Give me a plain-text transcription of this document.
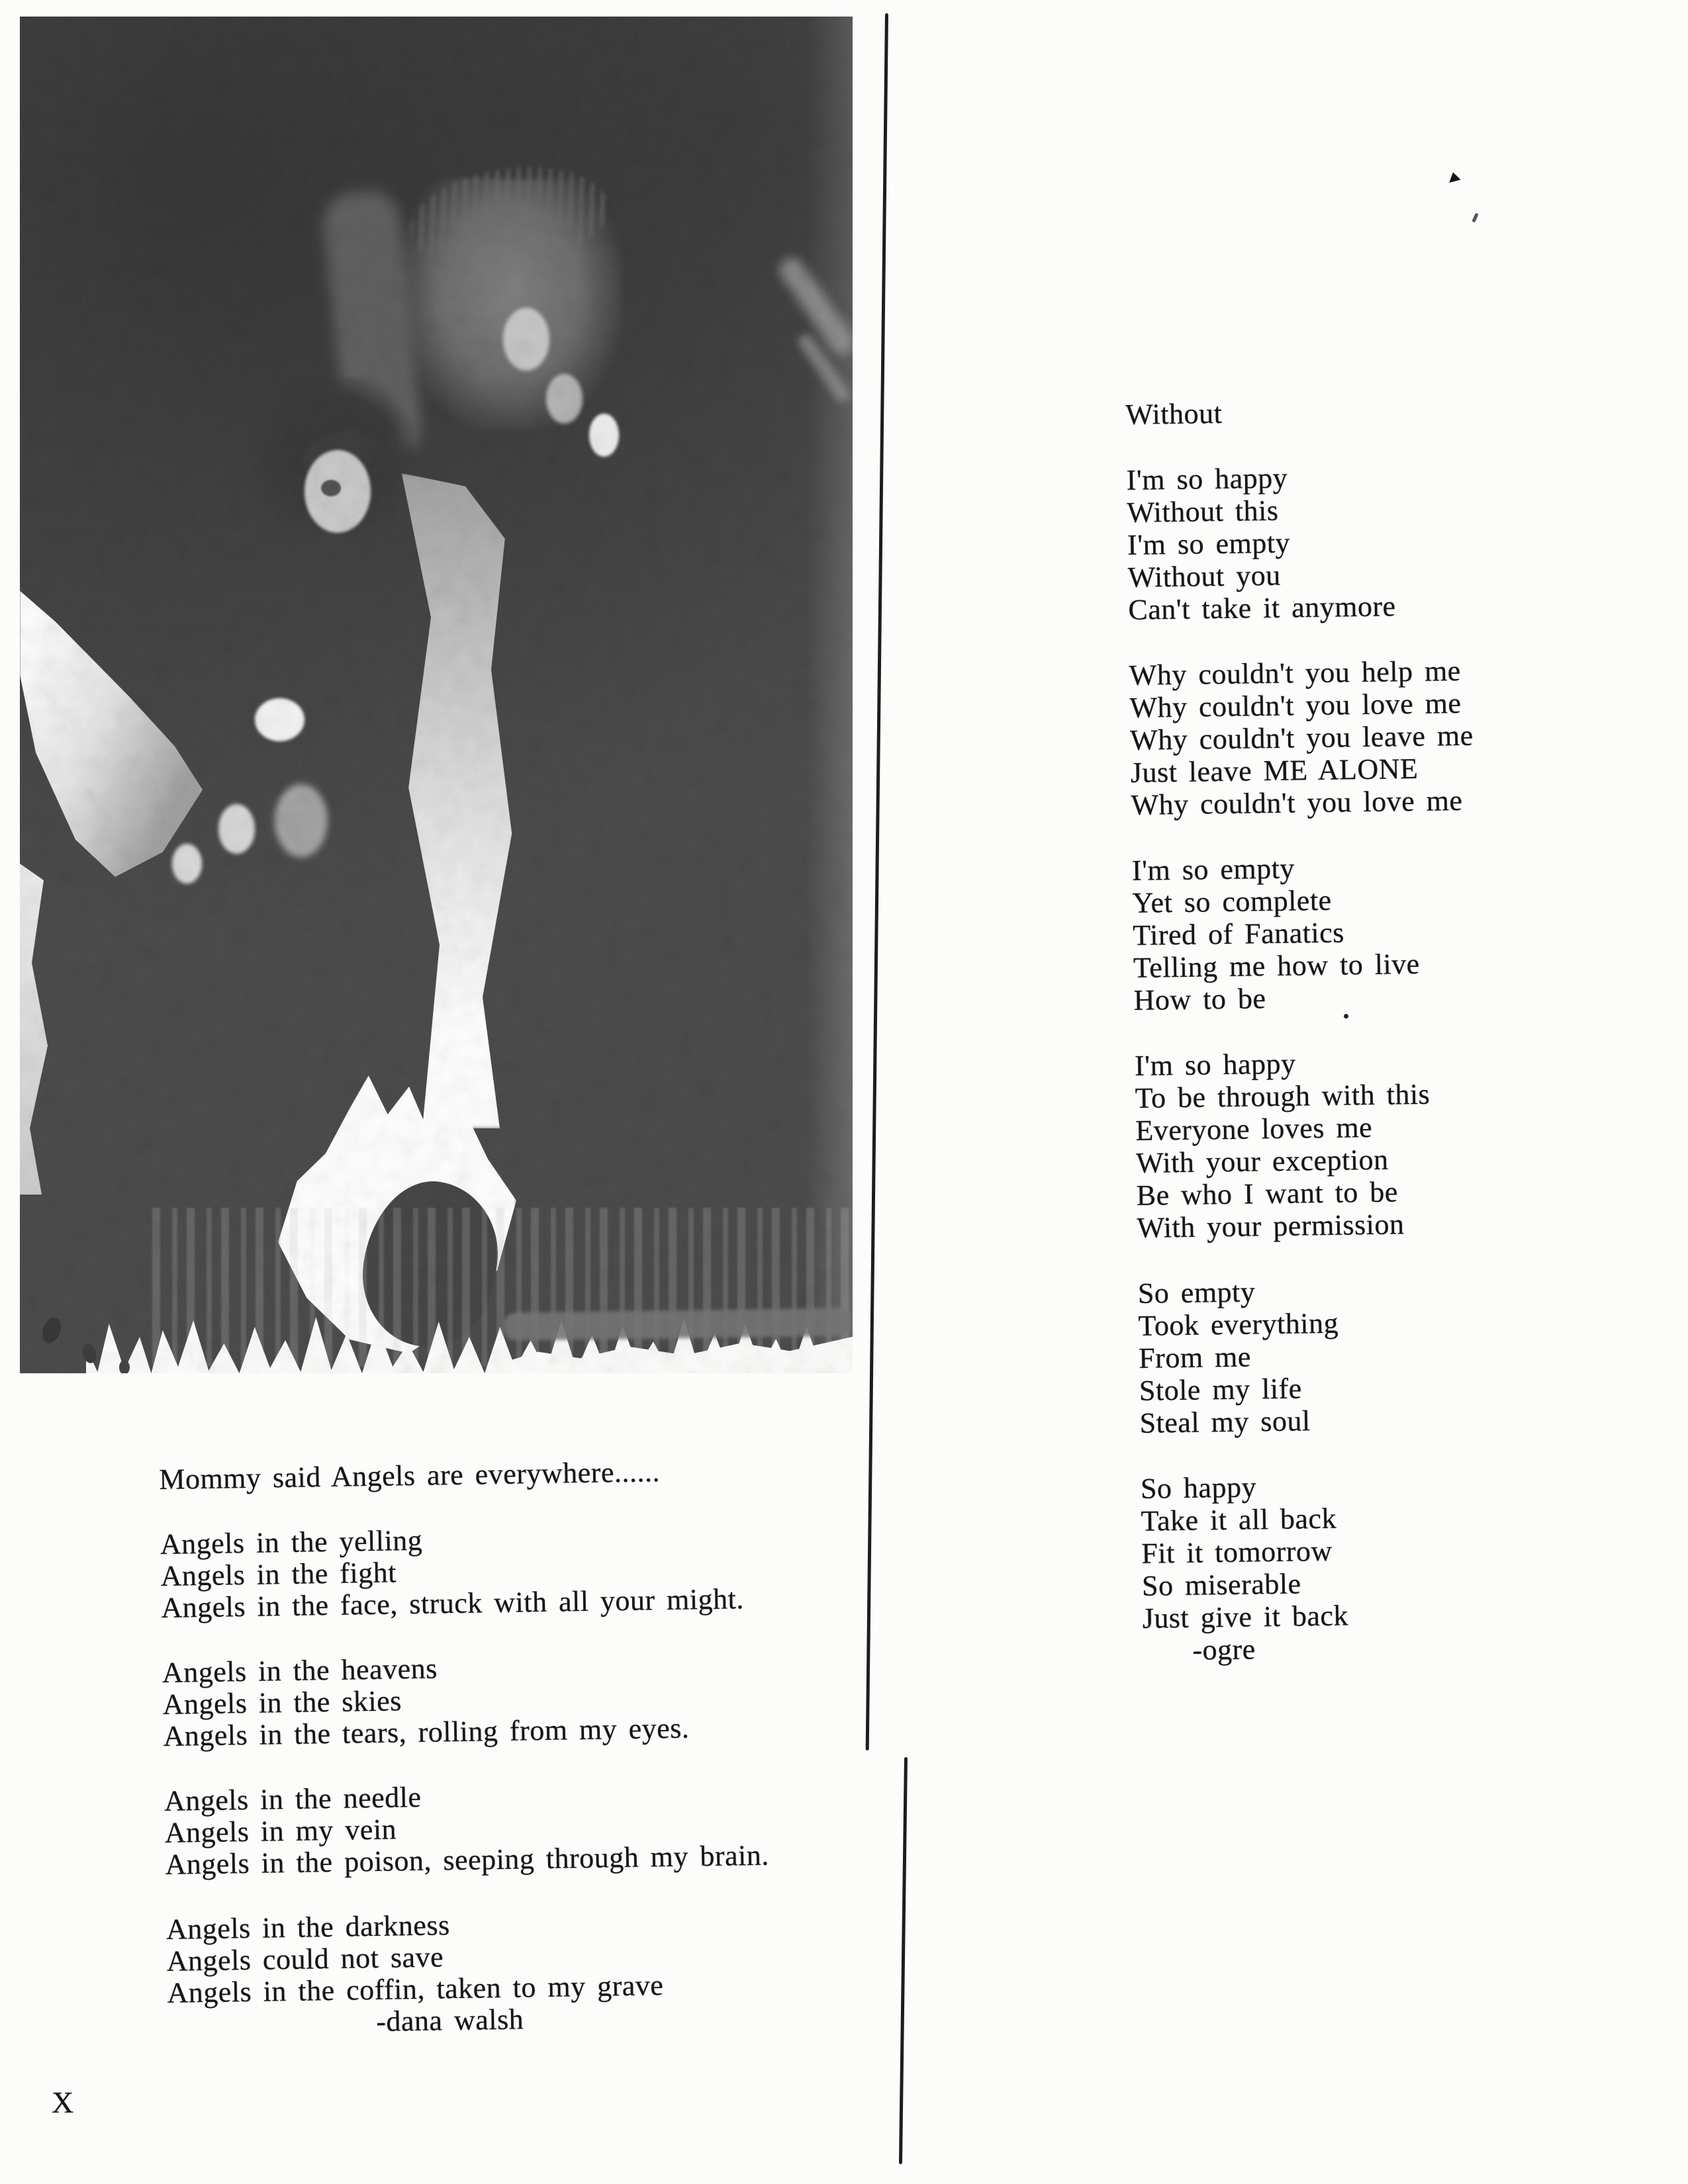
Mommy said Angels are everywhere......
Angels in the yelling
Angels in the fight
Angels in the face, struck with all your might.
Angels in the heavens
Angels in the skies
Angels in the tears, rolling from my eyes.
Angels in the needle
Angels in my vein
Angels in the poison, seeping through my brain.
Angels in the darkness
Angels could not save
Angels in the coffin, taken to my grave
-dana walsh
Without
I'm so happy
Without this
I'm so empty
Without you
Can't take it anymore
Why couldn't you help me
Why couldn't you love me
Why couldn't you leave me
Just leave ME ALONE
Why couldn't you love me
I'm so empty
Yet so complete
Tired of Fanatics
Telling me how to live
How to be
I'm so happy
To be through with this
Everyone loves me
With your exception
Be who I want to be
With your permission
So empty
Took everything
From me
Stole my life
Steal my soul
So happy
Take it all back
Fit it tomorrow
So miserable
Just give it back
-ogre
X
